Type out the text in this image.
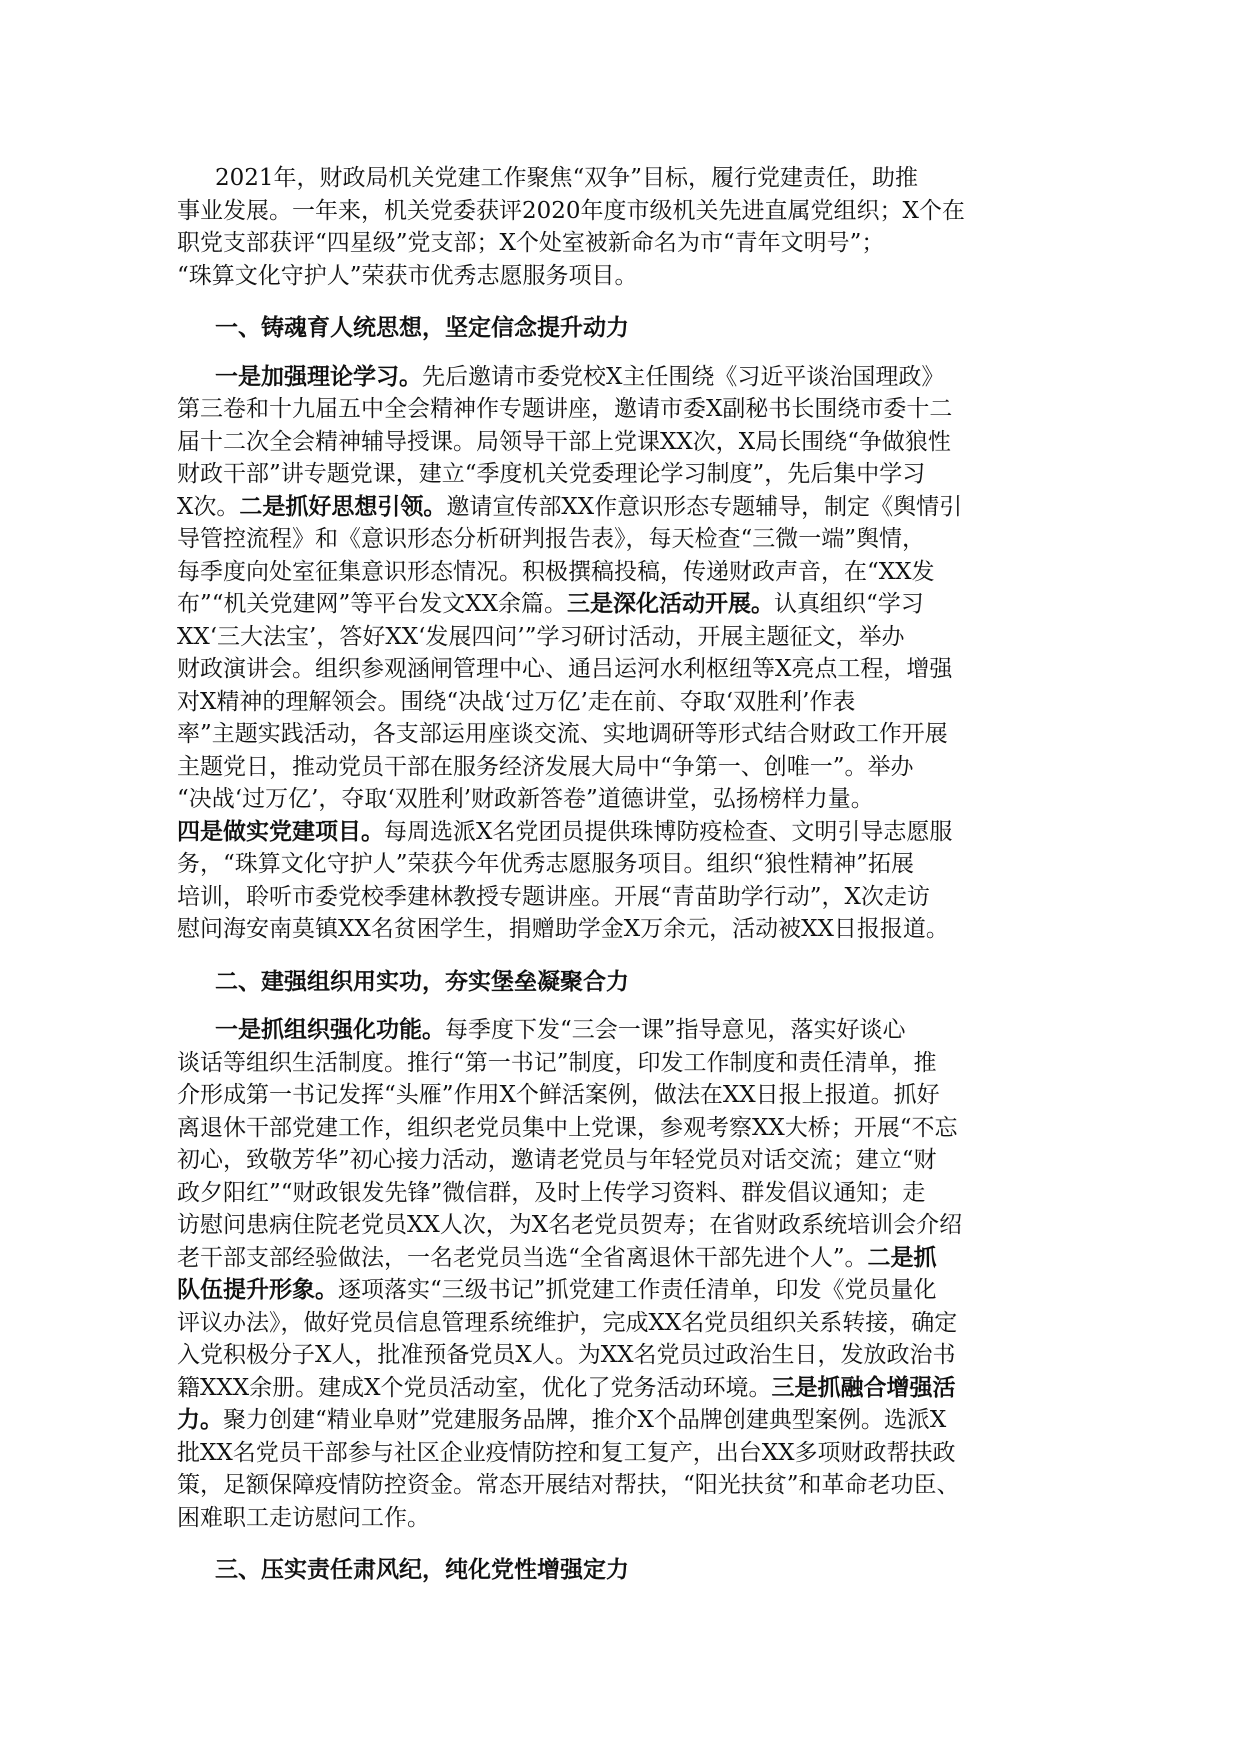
2021年，财政局机关党建工作聚焦“双争”目标，履行党建责任，助推
事业发展。一年来，机关党委获评2020年度市级机关先进直属党组织；X个在
职党支部获评“四星级”党支部；X个处室被新命名为市“青年文明号”；
“珠算文化守护人”荣获市优秀志愿服务项目。
一、铸魂育人统思想，坚定信念提升动力
一是加强理论学习。先后邀请市委党校X主任围绕《习近平谈治国理政》
第三卷和十九届五中全会精神作专题讲座，邀请市委X副秘书长围绕市委十二
届十二次全会精神辅导授课。局领导干部上党课XX次，X局长围绕“争做狼性
财政干部”讲专题党课，建立“季度机关党委理论学习制度”，先后集中学习
X次。二是抓好思想引领。邀请宣传部XX作意识形态专题辅导，制定《舆情引
导管控流程》和《意识形态分析研判报告表》，每天检查“三微一端”舆情，
每季度向处室征集意识形态情况。积极撰稿投稿，传递财政声音，在“XX发
布”“机关党建网”等平台发文XX余篇。三是深化活动开展。认真组织“学习
XX‘三大法宝’，答好XX‘发展四问’”学习研讨活动，开展主题征文，举办
财政演讲会。组织参观涵闸管理中心、通吕运河水利枢纽等X亮点工程，增强
对X精神的理解领会。围绕“决战‘过万亿’走在前、夺取‘双胜利’作表
率”主题实践活动，各支部运用座谈交流、实地调研等形式结合财政工作开展
主题党日，推动党员干部在服务经济发展大局中“争第一、创唯一”。举办
“决战‘过万亿’，夺取‘双胜利’财政新答卷”道德讲堂，弘扬榜样力量。
四是做实党建项目。每周选派X名党团员提供珠博防疫检查、文明引导志愿服
务，“珠算文化守护人”荣获今年优秀志愿服务项目。组织“狼性精神”拓展
培训，聆听市委党校季建林教授专题讲座。开展“青苗助学行动”，X次走访
慰问海安南莫镇XX名贫困学生，捐赠助学金X万余元，活动被XX日报报道。
二、建强组织用实功，夯实堡垒凝聚合力
一是抓组织强化功能。每季度下发“三会一课”指导意见，落实好谈心
谈话等组织生活制度。推行“第一书记”制度，印发工作制度和责任清单，推
介形成第一书记发挥“头雁”作用X个鲜活案例，做法在XX日报上报道。抓好
离退休干部党建工作，组织老党员集中上党课，参观考察XX大桥；开展“不忘
初心，致敬芳华”初心接力活动，邀请老党员与年轻党员对话交流；建立“财
政夕阳红”“财政银发先锋”微信群，及时上传学习资料、群发倡议通知；走
访慰问患病住院老党员XX人次，为X名老党员贺寿；在省财政系统培训会介绍
老干部支部经验做法，一名老党员当选“全省离退休干部先进个人”。二是抓
队伍提升形象。逐项落实“三级书记”抓党建工作责任清单，印发《党员量化
评议办法》，做好党员信息管理系统维护，完成XX名党员组织关系转接，确定
入党积极分子X人，批准预备党员X人。为XX名党员过政治生日，发放政治书
籍XXX余册。建成X个党员活动室，优化了党务活动环境。三是抓融合增强活
力。聚力创建“精业阜财”党建服务品牌，推介X个品牌创建典型案例。选派X
批XX名党员干部参与社区企业疫情防控和复工复产，出台XX多项财政帮扶政
策，足额保障疫情防控资金。常态开展结对帮扶，“阳光扶贫”和革命老功臣、
困难职工走访慰问工作。
三、压实责任肃风纪，纯化党性增强定力
